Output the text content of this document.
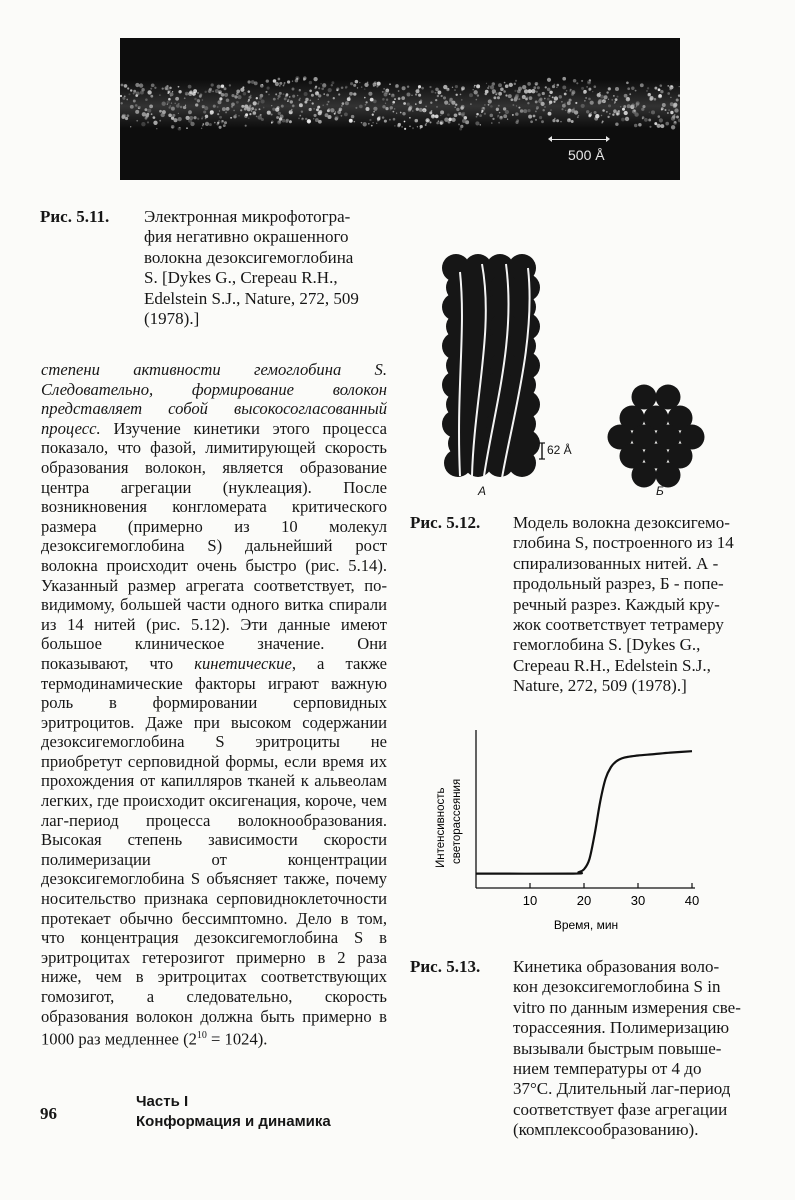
500 Å
Рис. 5.11. Электронная микрофотогра-
фия негативно окрашенного
волокна дезоксигемоглобина
S. [Dykes G., Crepeau R.H.,
Edelstein S.J., Nature, 272, 509
(1978).]
степени активности гемоглобина S. Следовательно, формирование волокон представляет собой высокосогласованный процесс. Изучение кинетики этого процесса показало, что фазой, лимитирующей скорость образования волокон, является образование центра агрегации (нуклеация). После возникновения конгломерата критического размера (примерно из 10 молекул дезоксигемоглобина S) дальнейший рост волокна происходит очень быстро (рис. 5.14). Указанный размер агрегата соответствует, по-видимому, большей части одного витка спирали из 14 нитей (рис. 5.12). Эти данные имеют большое клиническое значение. Они показывают, что кинетические, а также термодинамические факторы играют важную роль в формировании серповидных эритроцитов. Даже при высоком содержании дезоксигемоглобина S эритроциты не приобретут серповидной формы, если время их прохождения от капилляров тканей к альвеолам легких, где происходит оксигенация, короче, чем лаг-период процесса волокнообразования. Высокая степень зависимости скорости полимеризации от концентрации дезоксигемоглобина S объясняет также, почему носительство признака серповидноклеточности протекает обычно бессимптомно. Дело в том, что концентрация дезоксигемоглобина S в эритроцитах гетерозигот примерно в 2 раза ниже, чем в эритроцитах соответствующих гомозигот, а следовательно, скорость образования волокон должна быть примерно в 1000 раз медленнее $(2^{10} = 1024)$.
62 Å
А	Б
Рис. 5.12. Модель волокна дезоксигемо-
глобина S, построенного из 14
спирализованных нитей. А -
продольный разрез, Б - попе-
речный разрез. Каждый кру-
жок соответствует тетрамеру
гемоглобина S. [Dykes G.,
Crepeau R.H., Edelstein S.J.,
Nature, 272, 509 (1978).]
10	20	30	40
Интенсивность светорассеяния
Время, мин
Рис. 5.13. Кинетика образования воло-
кон дезоксигемоглобина S in
vitro по данным измерения све-
торассеяния. Полимеризацию
вызывали быстрым повыше-
нием температуры от 4 до
37°С. Длительный лаг-период
соответствует фазе агрегации
(комплексообразованию).
96
Часть I
Конформация и динамика
